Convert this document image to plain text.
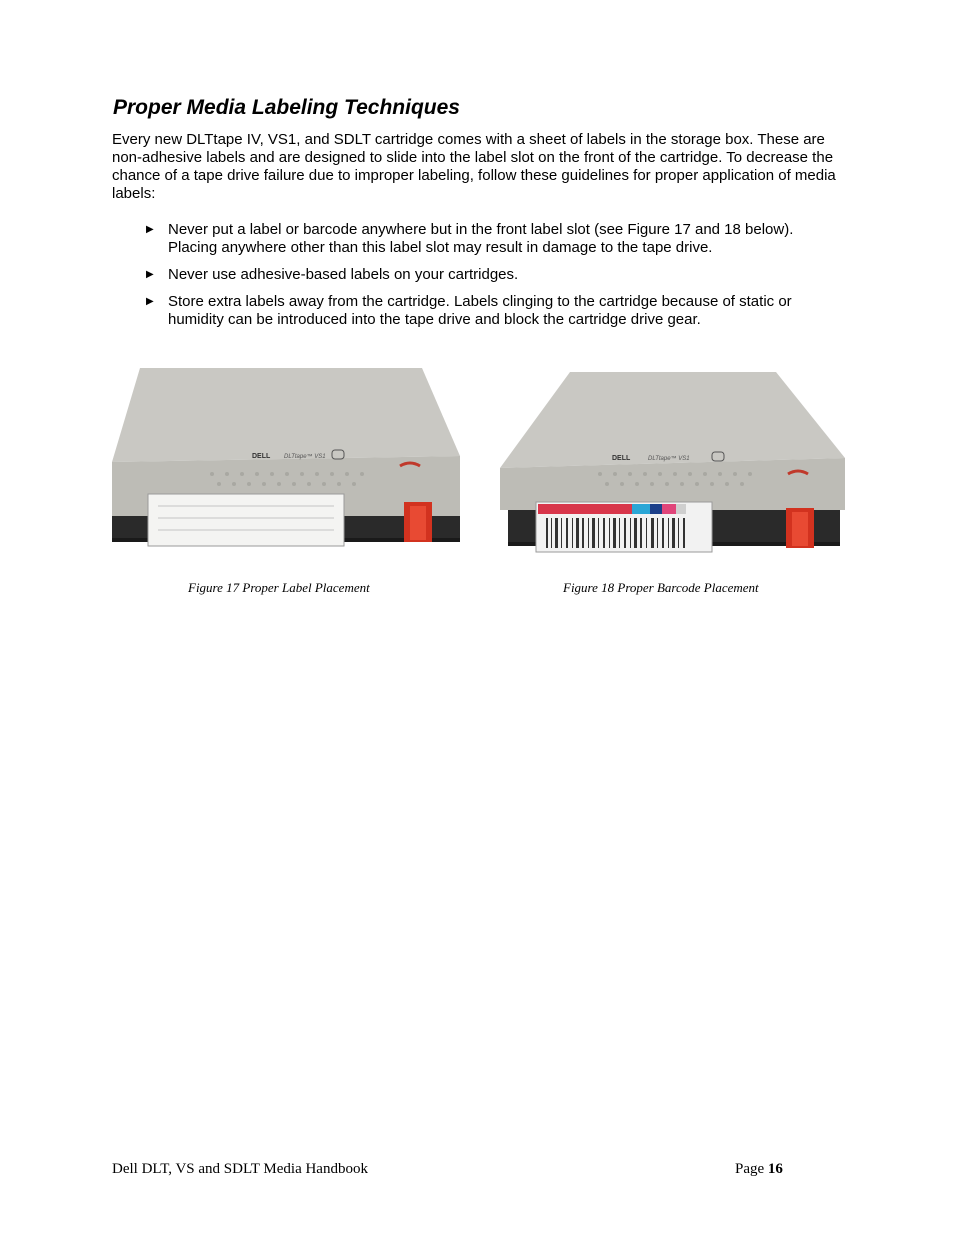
Proper Media Labeling Techniques

Every new DLTtape IV, VS1, and SDLT cartridge comes with a sheet of labels in the storage box. These are non-adhesive labels and are designed to slide into the label slot on the front of the cartridge. To decrease the chance of a tape drive failure due to improper labeling, follow these guidelines for proper application of media labels:

▶ Never put a label or barcode anywhere but in the front label slot (see Figure 17 and 18 below). Placing anywhere other than this label slot may result in damage to the tape drive.
▶ Never use adhesive-based labels on your cartridges.
▶ Store extra labels away from the cartridge. Labels clinging to the cartridge because of static or humidity can be introduced into the tape drive and block the cartridge drive gear.
DELL DLTtape™ VS1
Figure 17 Proper Label Placement
DELL	DLTtape™ VS1
Figure 18 Proper Barcode Placement
Dell DLT, VS and SDLT Media Handbook	Page 16
